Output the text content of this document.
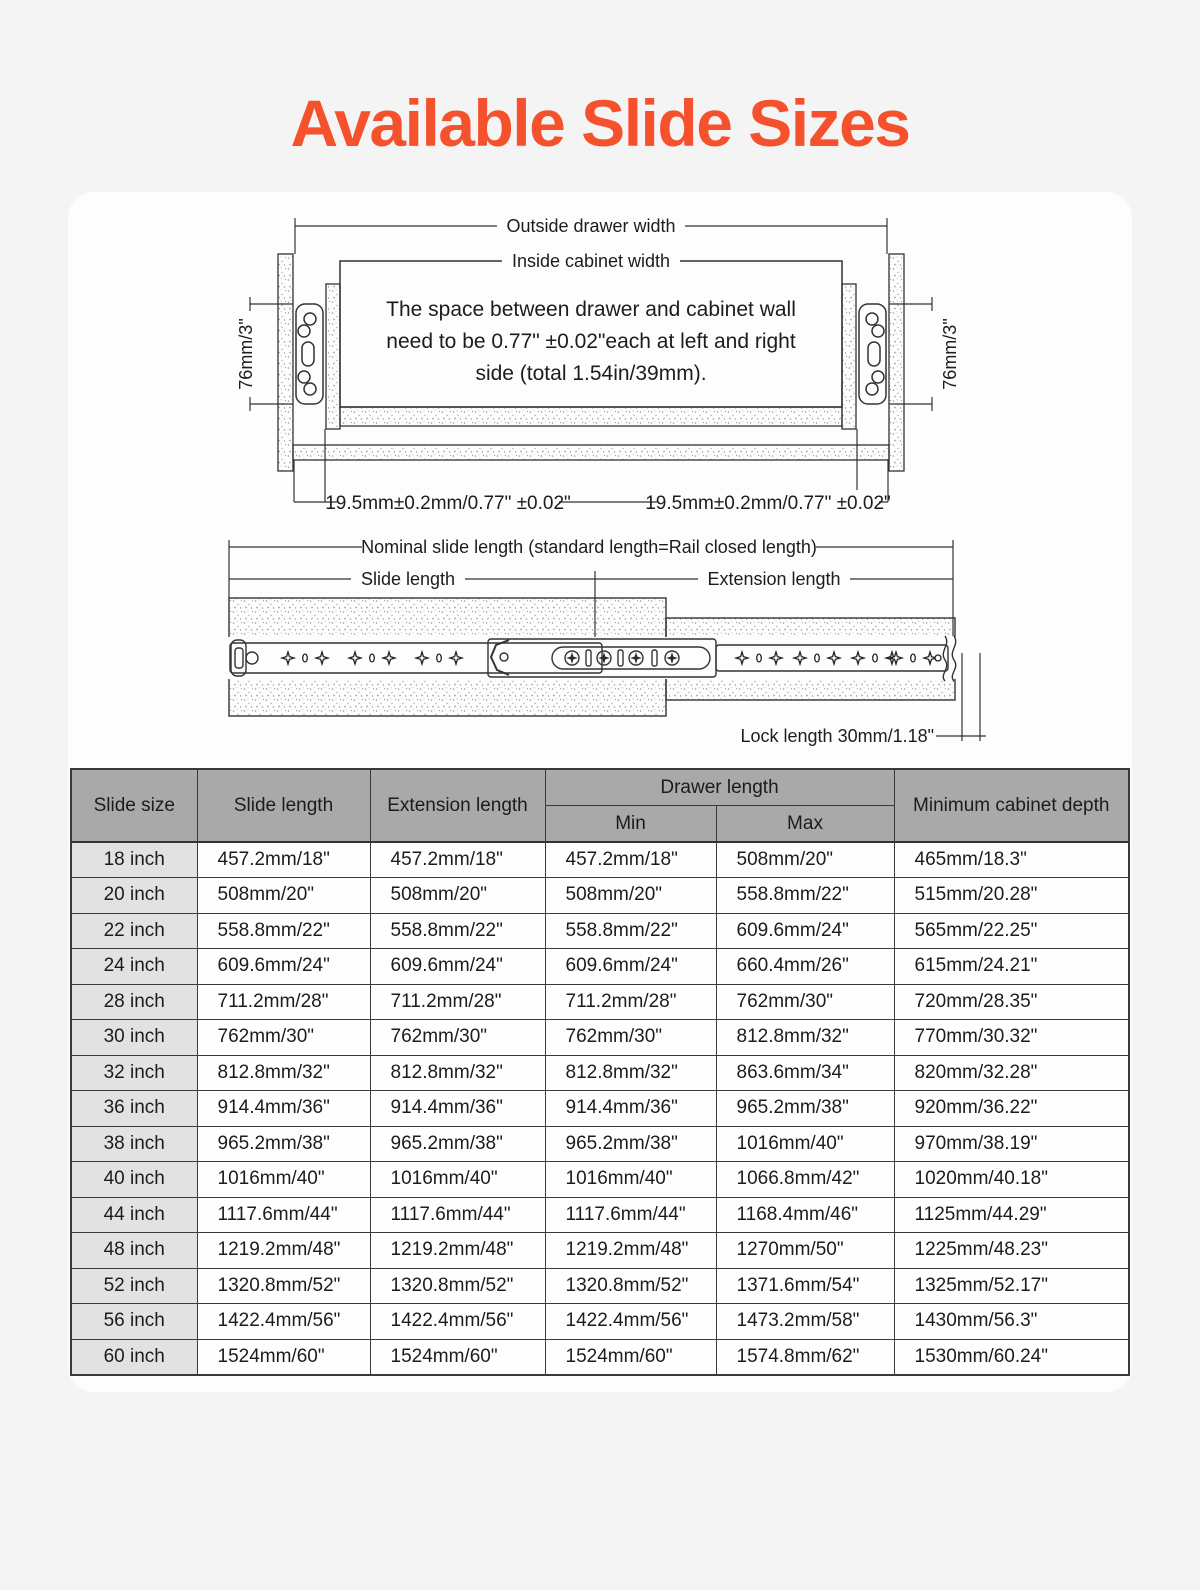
Available Slide Sizes
Outside drawer width
Inside cabinet width
The space between drawer and cabinet wall
need to be 0.77" ±0.02"each at left and right
side (total 1.54in/39mm).
76mm/3"	76mm/3"
19.5mm±0.2mm/0.77" ±0.02"	19.5mm±0.2mm/0.77" ±0.02"
Nominal slide length (standard length=Rail closed length)
Slide length	Extension length
Lock length 30mm/1.18"
Slide size	Slide length	Extension length	Drawer length		Minimum cabinet depth
			Min	Max	
18 inch	457.2mm/18"	457.2mm/18"	457.2mm/18"	508mm/20"	465mm/18.3"
20 inch	508mm/20"	508mm/20"	508mm/20"	558.8mm/22"	515mm/20.28"
22 inch	558.8mm/22"	558.8mm/22"	558.8mm/22"	609.6mm/24"	565mm/22.25"
24 inch	609.6mm/24"	609.6mm/24"	609.6mm/24"	660.4mm/26"	615mm/24.21"
28 inch	711.2mm/28"	711.2mm/28"	711.2mm/28"	762mm/30"	720mm/28.35"
30 inch	762mm/30"	762mm/30"	762mm/30"	812.8mm/32"	770mm/30.32"
32 inch	812.8mm/32"	812.8mm/32"	812.8mm/32"	863.6mm/34"	820mm/32.28"
36 inch	914.4mm/36"	914.4mm/36"	914.4mm/36"	965.2mm/38"	920mm/36.22"
38 inch	965.2mm/38"	965.2mm/38"	965.2mm/38"	1016mm/40"	970mm/38.19"
40 inch	1016mm/40"	1016mm/40"	1016mm/40"	1066.8mm/42"	1020mm/40.18"
44 inch	1117.6mm/44"	1117.6mm/44"	1117.6mm/44"	1168.4mm/46"	1125mm/44.29"
48 inch	1219.2mm/48"	1219.2mm/48"	1219.2mm/48"	1270mm/50"	1225mm/48.23"
52 inch	1320.8mm/52"	1320.8mm/52"	1320.8mm/52"	1371.6mm/54"	1325mm/52.17"
56 inch	1422.4mm/56"	1422.4mm/56"	1422.4mm/56"	1473.2mm/58"	1430mm/56.3"
60 inch	1524mm/60"	1524mm/60"	1524mm/60"	1574.8mm/62"	1530mm/60.24"
